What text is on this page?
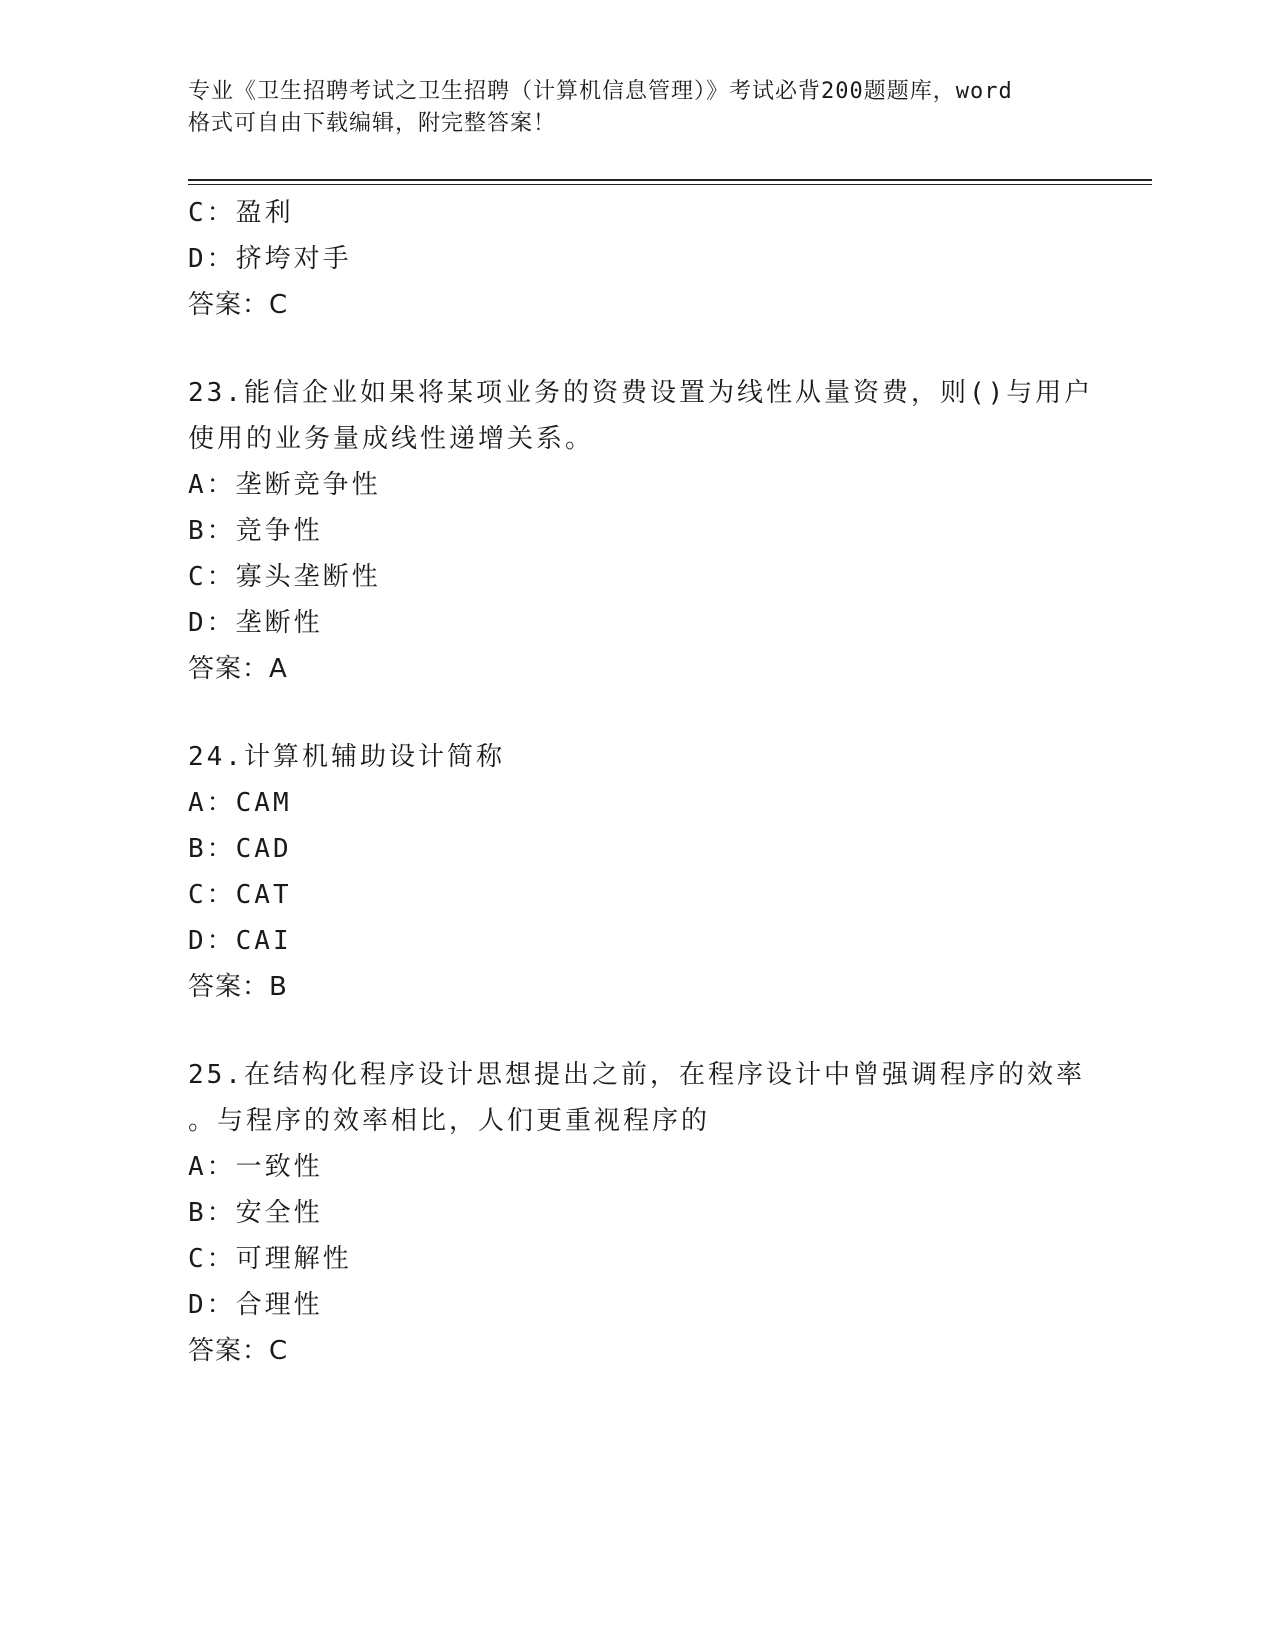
专业《卫生招聘考试之卫生招聘（计算机信息管理）》考试必背200题题库，word
格式可自由下载编辑，附完整答案！
C：盈利
D：挤垮对手
答案：C
23.能信企业如果将某项业务的资费设置为线性从量资费，则()与用户
使用的业务量成线性递增关系。
A：垄断竞争性
B：竞争性
C：寡头垄断性
D：垄断性
答案：A
24.计算机辅助设计简称
A：CAM
B：CAD
C：CAT
D：CAI
答案：B
25.在结构化程序设计思想提出之前，在程序设计中曾强调程序的效率
。与程序的效率相比，人们更重视程序的
A：一致性
B：安全性
C：可理解性
D：合理性
答案：C
